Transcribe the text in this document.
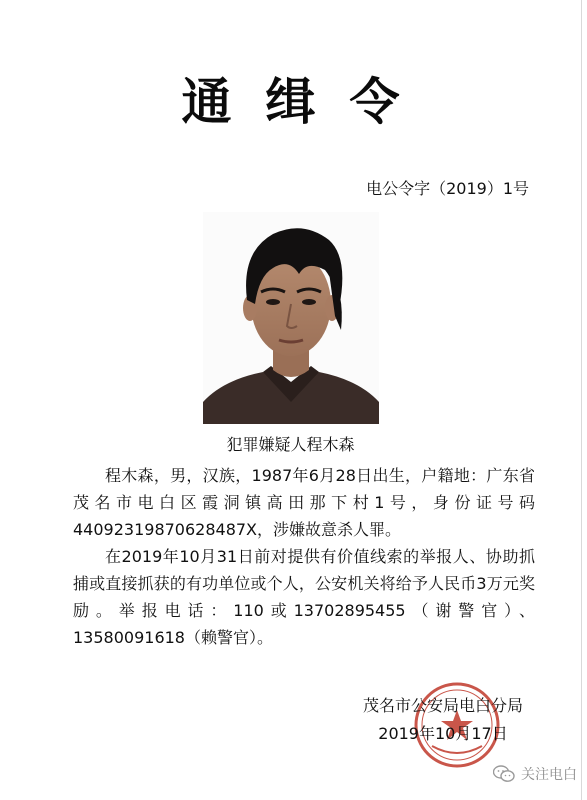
通缉令
电公令字（2019）1号
犯罪嫌疑人程木森

程木森，男，汉族，1987年6月28日出生，户籍地：广东省茂名市电白区霞洞镇高田那下村1号，身份证号码440923198706284​87X，涉嫌故意杀人罪。

在2019年10月31日前对提供有价值线索的举报人、协助抓捕或直接抓获的有功单位或个人，公安机关将给予人民币3万元奖励。举报电话：110或13702895455（谢警官）、13580091618（赖警官）。

茂名市公安局电白分局
2019年10月17日
关注电白
